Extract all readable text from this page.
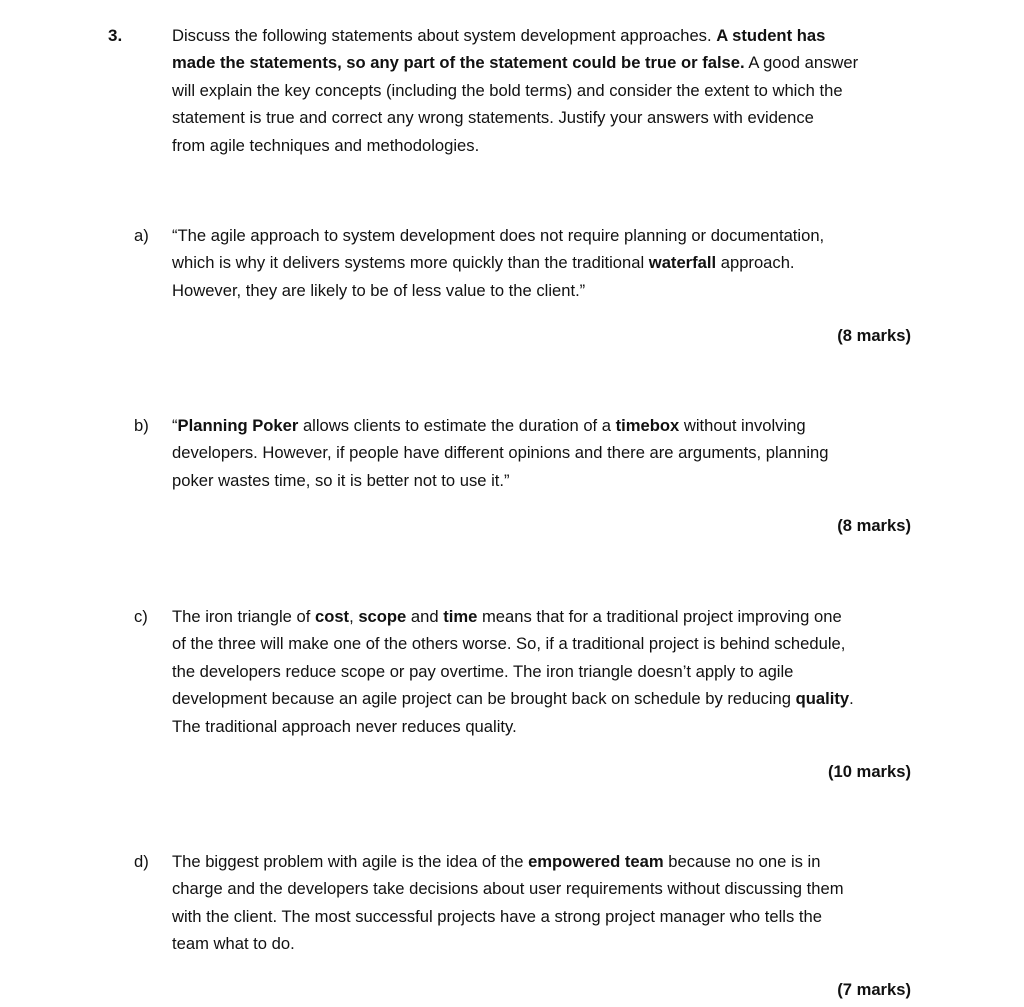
3.	Discuss the following statements about system development approaches. A student has
made the statements, so any part of the statement could be true or false. A good answer
will explain the key concepts (including the bold terms) and consider the extent to which the
statement is true and correct any wrong statements. Justify your answers with evidence
from agile techniques and methodologies.
a) “The agile approach to system development does not require planning or documentation,
which is why it delivers systems more quickly than the traditional waterfall approach.
However, they are likely to be of less value to the client.”
(8 marks)
b) “Planning Poker allows clients to estimate the duration of a timebox without involving
developers. However, if people have different opinions and there are arguments, planning
poker wastes time, so it is better not to use it.”
(8 marks)
c) The iron triangle of cost, scope and time means that for a traditional project improving one
of the three will make one of the others worse. So, if a traditional project is behind schedule,
the developers reduce scope or pay overtime. The iron triangle doesn’t apply to agile
development because an agile project can be brought back on schedule by reducing quality.
The traditional approach never reduces quality.
(10 marks)
d) The biggest problem with agile is the idea of the empowered team because no one is in
charge and the developers take decisions about user requirements without discussing them
with the client. The most successful projects have a strong project manager who tells the
team what to do.
(7 marks)
